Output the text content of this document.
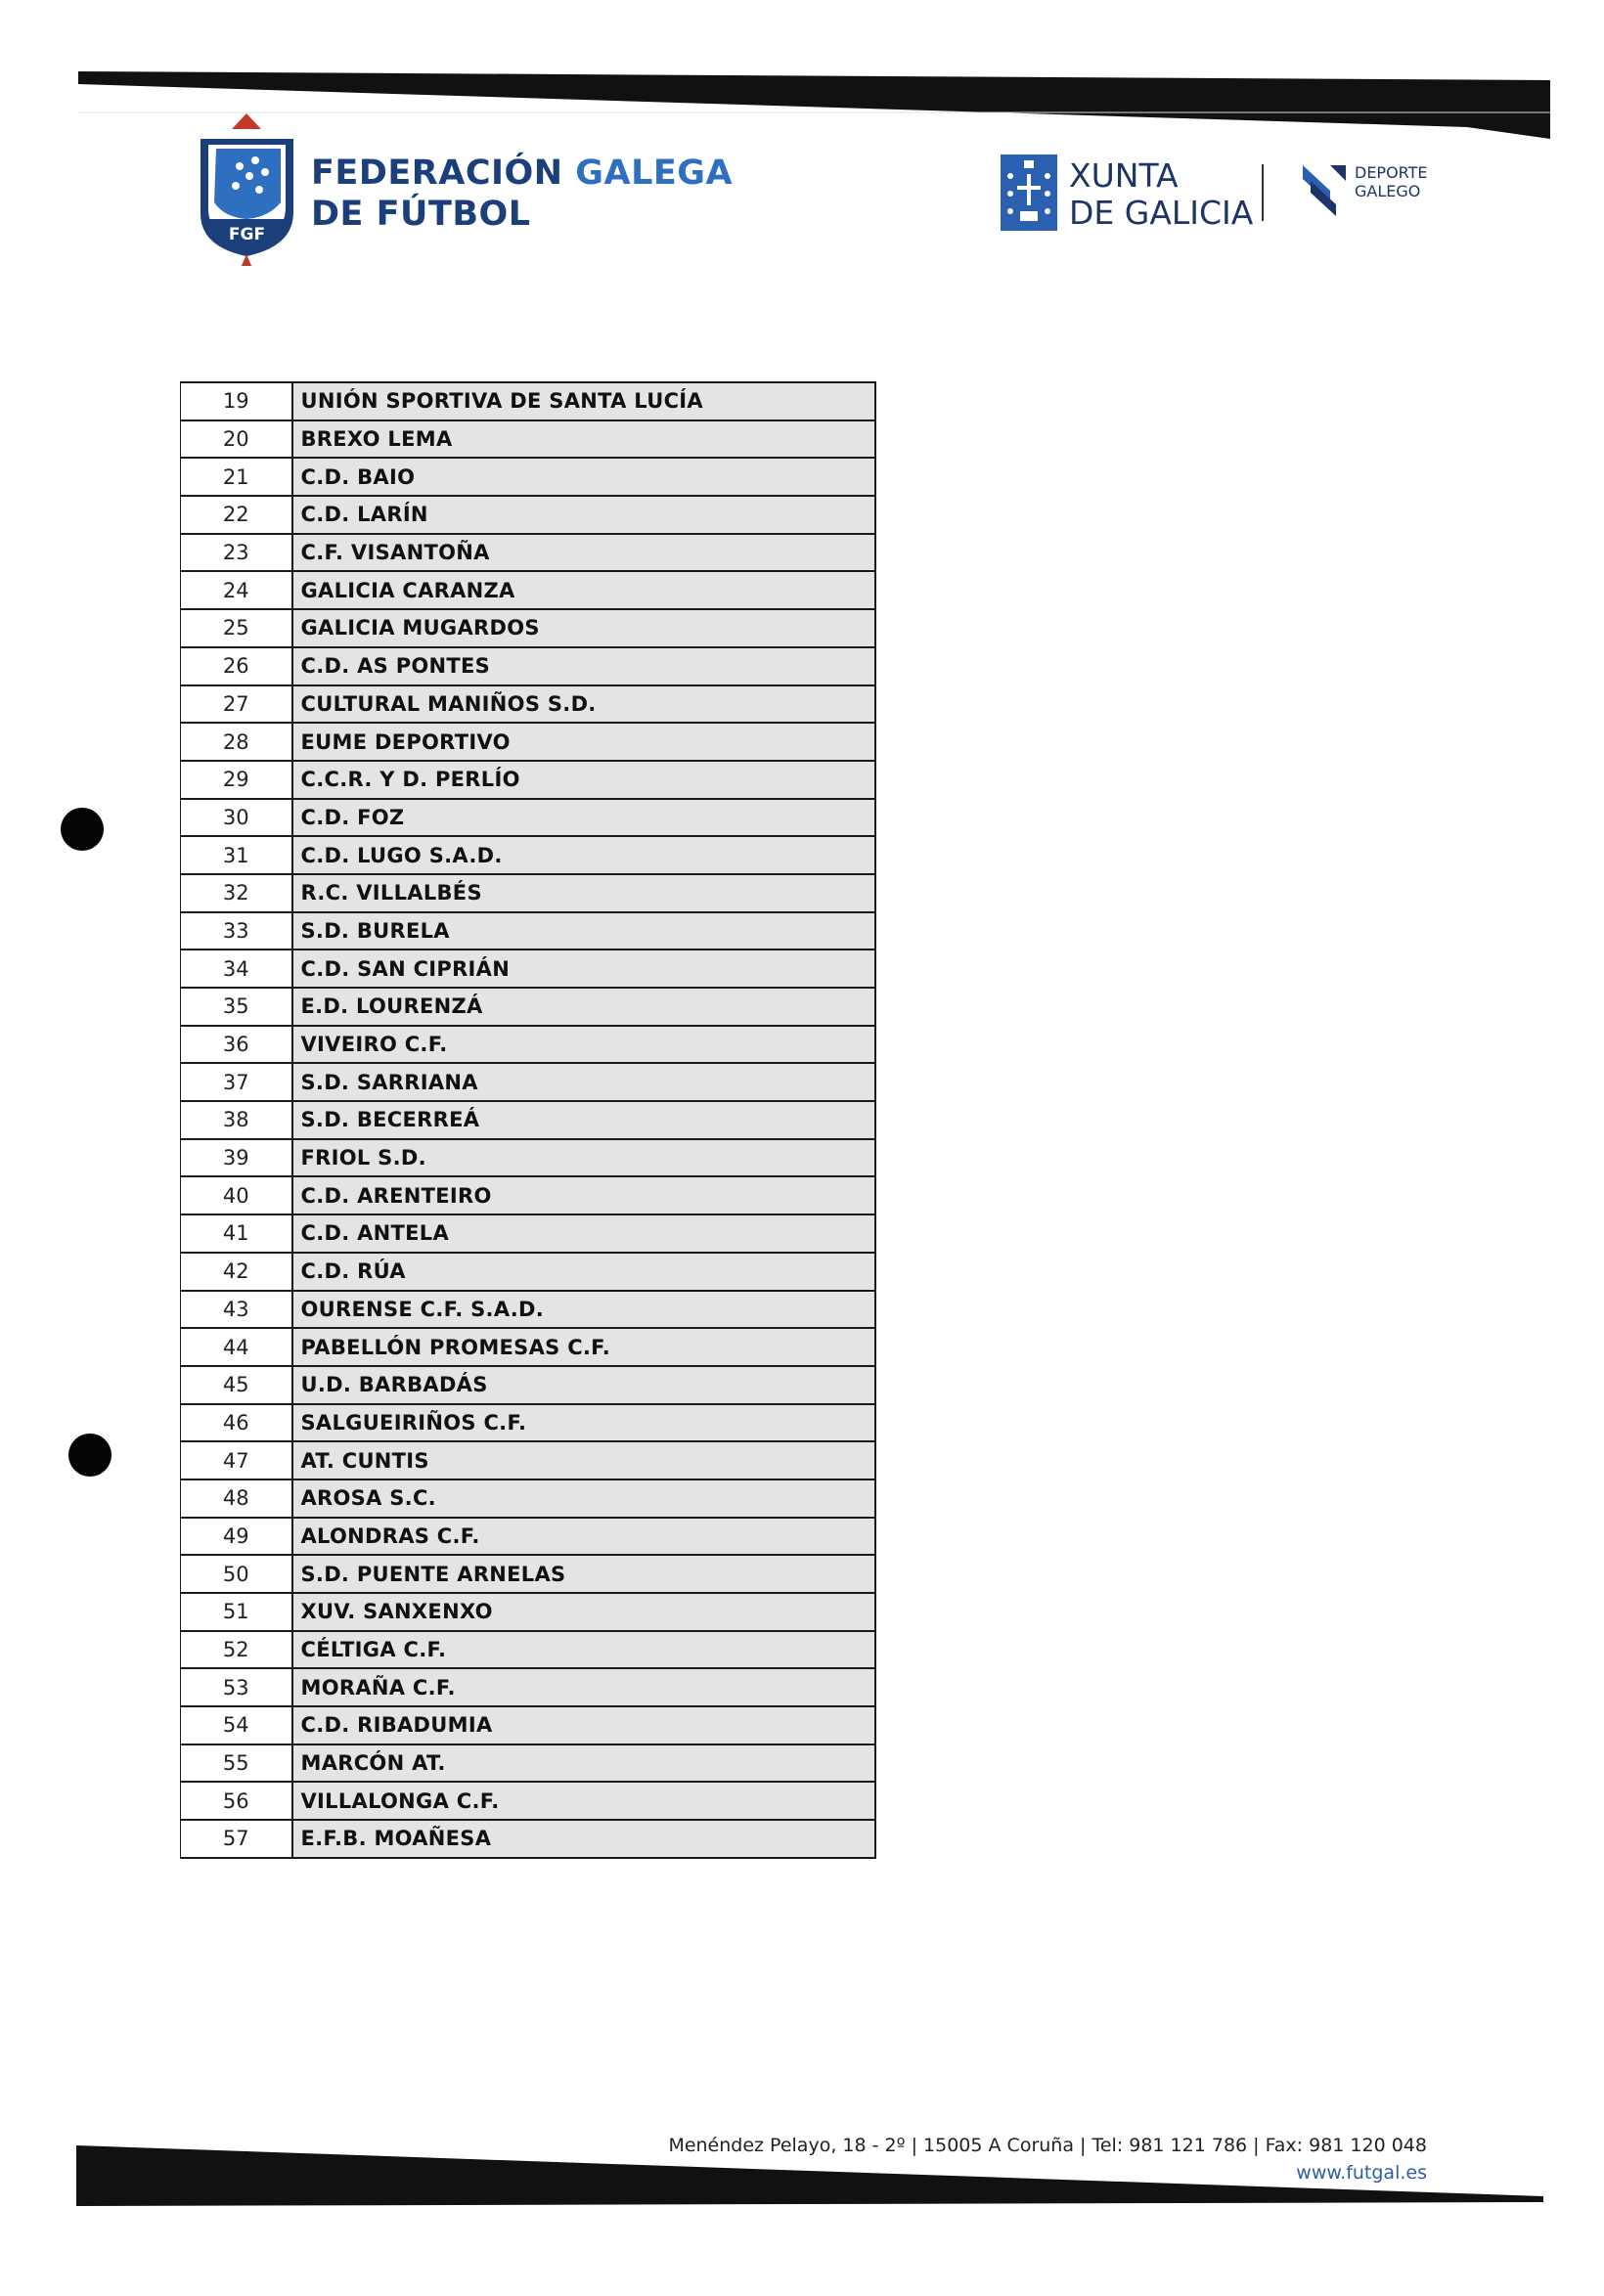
FGF
FEDERACIÓN GALEGA
DE FÚTBOL
XUNTA
DE GALICIA
DEPORTE
GALEGO
19	UNIÓN SPORTIVA DE SANTA LUCÍA
20	BREXO LEMA
21	C.D. BAIO
22	C.D. LARÍN
23	C.F. VISANTOÑA
24	GALICIA CARANZA
25	GALICIA MUGARDOS
26	C.D. AS PONTES
27	CULTURAL MANIÑOS S.D.
28	EUME DEPORTIVO
29	C.C.R. Y D. PERLÍO
30	C.D. FOZ
31	C.D. LUGO S.A.D.
32	R.C. VILLALBÉS
33	S.D. BURELA
34	C.D. SAN CIPRIÁN
35	E.D. LOURENZÁ
36	VIVEIRO C.F.
37	S.D. SARRIANA
38	S.D. BECERREÁ
39	FRIOL S.D.
40	C.D. ARENTEIRO
41	C.D. ANTELA
42	C.D. RÚA
43	OURENSE C.F. S.A.D.
44	PABELLÓN PROMESAS C.F.
45	U.D. BARBADÁS
46	SALGUEIRIÑOS C.F.
47	AT. CUNTIS
48	AROSA S.C.
49	ALONDRAS C.F.
50	S.D. PUENTE ARNELAS
51	XUV. SANXENXO
52	CÉLTIGA C.F.
53	MORAÑA C.F.
54	C.D. RIBADUMIA
55	MARCÓN AT.
56	VILLALONGA C.F.
57	E.F.B. MOAÑESA
Menéndez Pelayo, 18 - 2º | 15005 A Coruña | Tel: 981 121 786 | Fax: 981 120 048
www.futgal.es
